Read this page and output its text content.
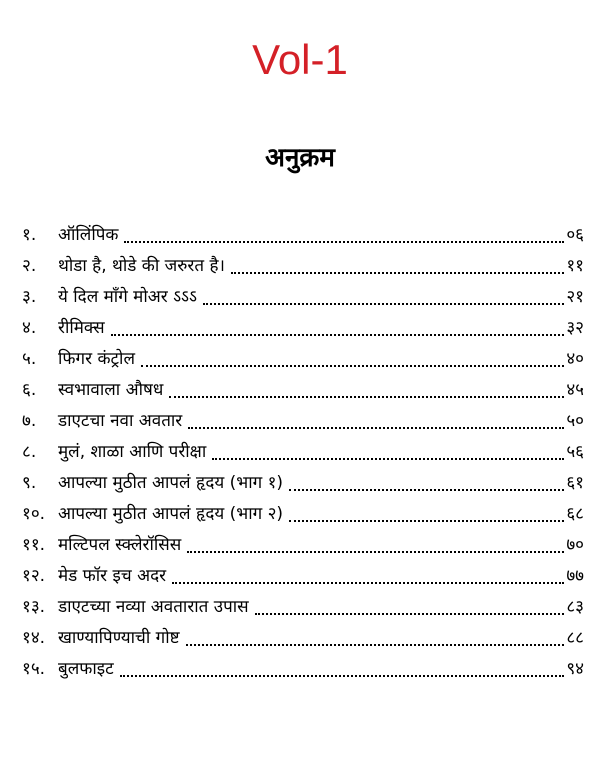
Vol-1
अनुक्रम
१.	ऑलिंपिक	०६
२.	थोडा है, थोडे की जरुरत है।	११
३.	ये दिल माँगे मोअर ऽऽऽ	२१
४.	रीमिक्स	३२
५.	फिगर कंट्रोल	४०
६.	स्वभावाला औषध	४५
७.	डाएटचा नवा अवतार	५०
८.	मुलं, शाळा आणि परीक्षा	५६
९.	आपल्या मुठीत आपलं हृदय (भाग १)	६१
१०. आपल्या मुठीत आपलं हृदय (भाग २)	६८
११. मल्टिपल स्क्लेरॉसिस	७०
१२. मेड फॉर इच अदर	७७
१३. डाएटच्या नव्या अवतारात उपास	८३
१४. खाण्यापिण्याची गोष्ट	८८
१५. बुलफाइट	९४
